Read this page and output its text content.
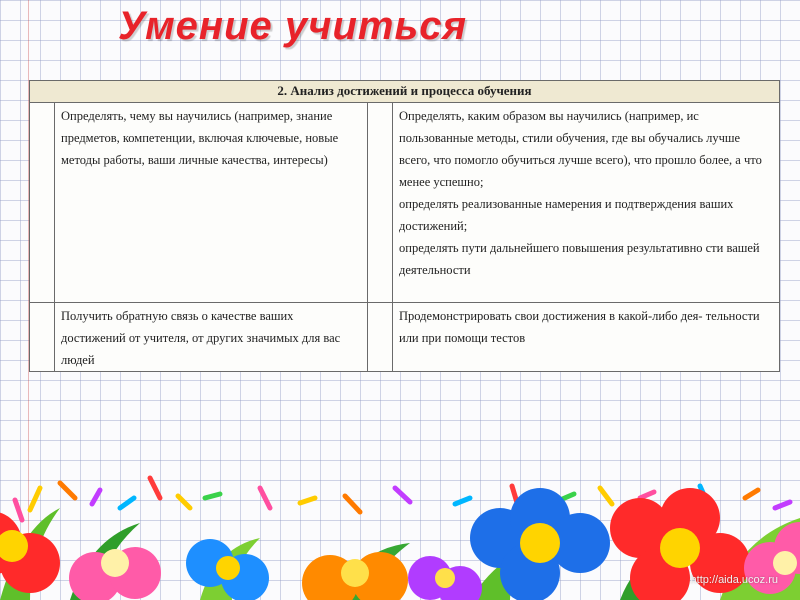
Умение учиться
2. Анализ достижений и процесса обучения			
	Определять, чему вы научились (например, знание предметов, компетенции, включая ключевые, новые методы работы, ваши личные качества, интересы)		Определять, каким образом вы научились (например, ис пользованные методы, стили обучения, где вы обучались лучше всего, что помогло обучиться лучше всего), что прошло более, а что менее успешно;
определять реализованные намерения и подтверждения ваших достижений;
определять пути дальнейшего повышения результативно сти вашей деятельности

	Получить обратную связь о качестве ваших достижений от учителя, от других значимых для вас людей		Продемонстрировать свои достижения в какой-либо дея- тельности или при помощи тестов
http://aida.ucoz.ru
